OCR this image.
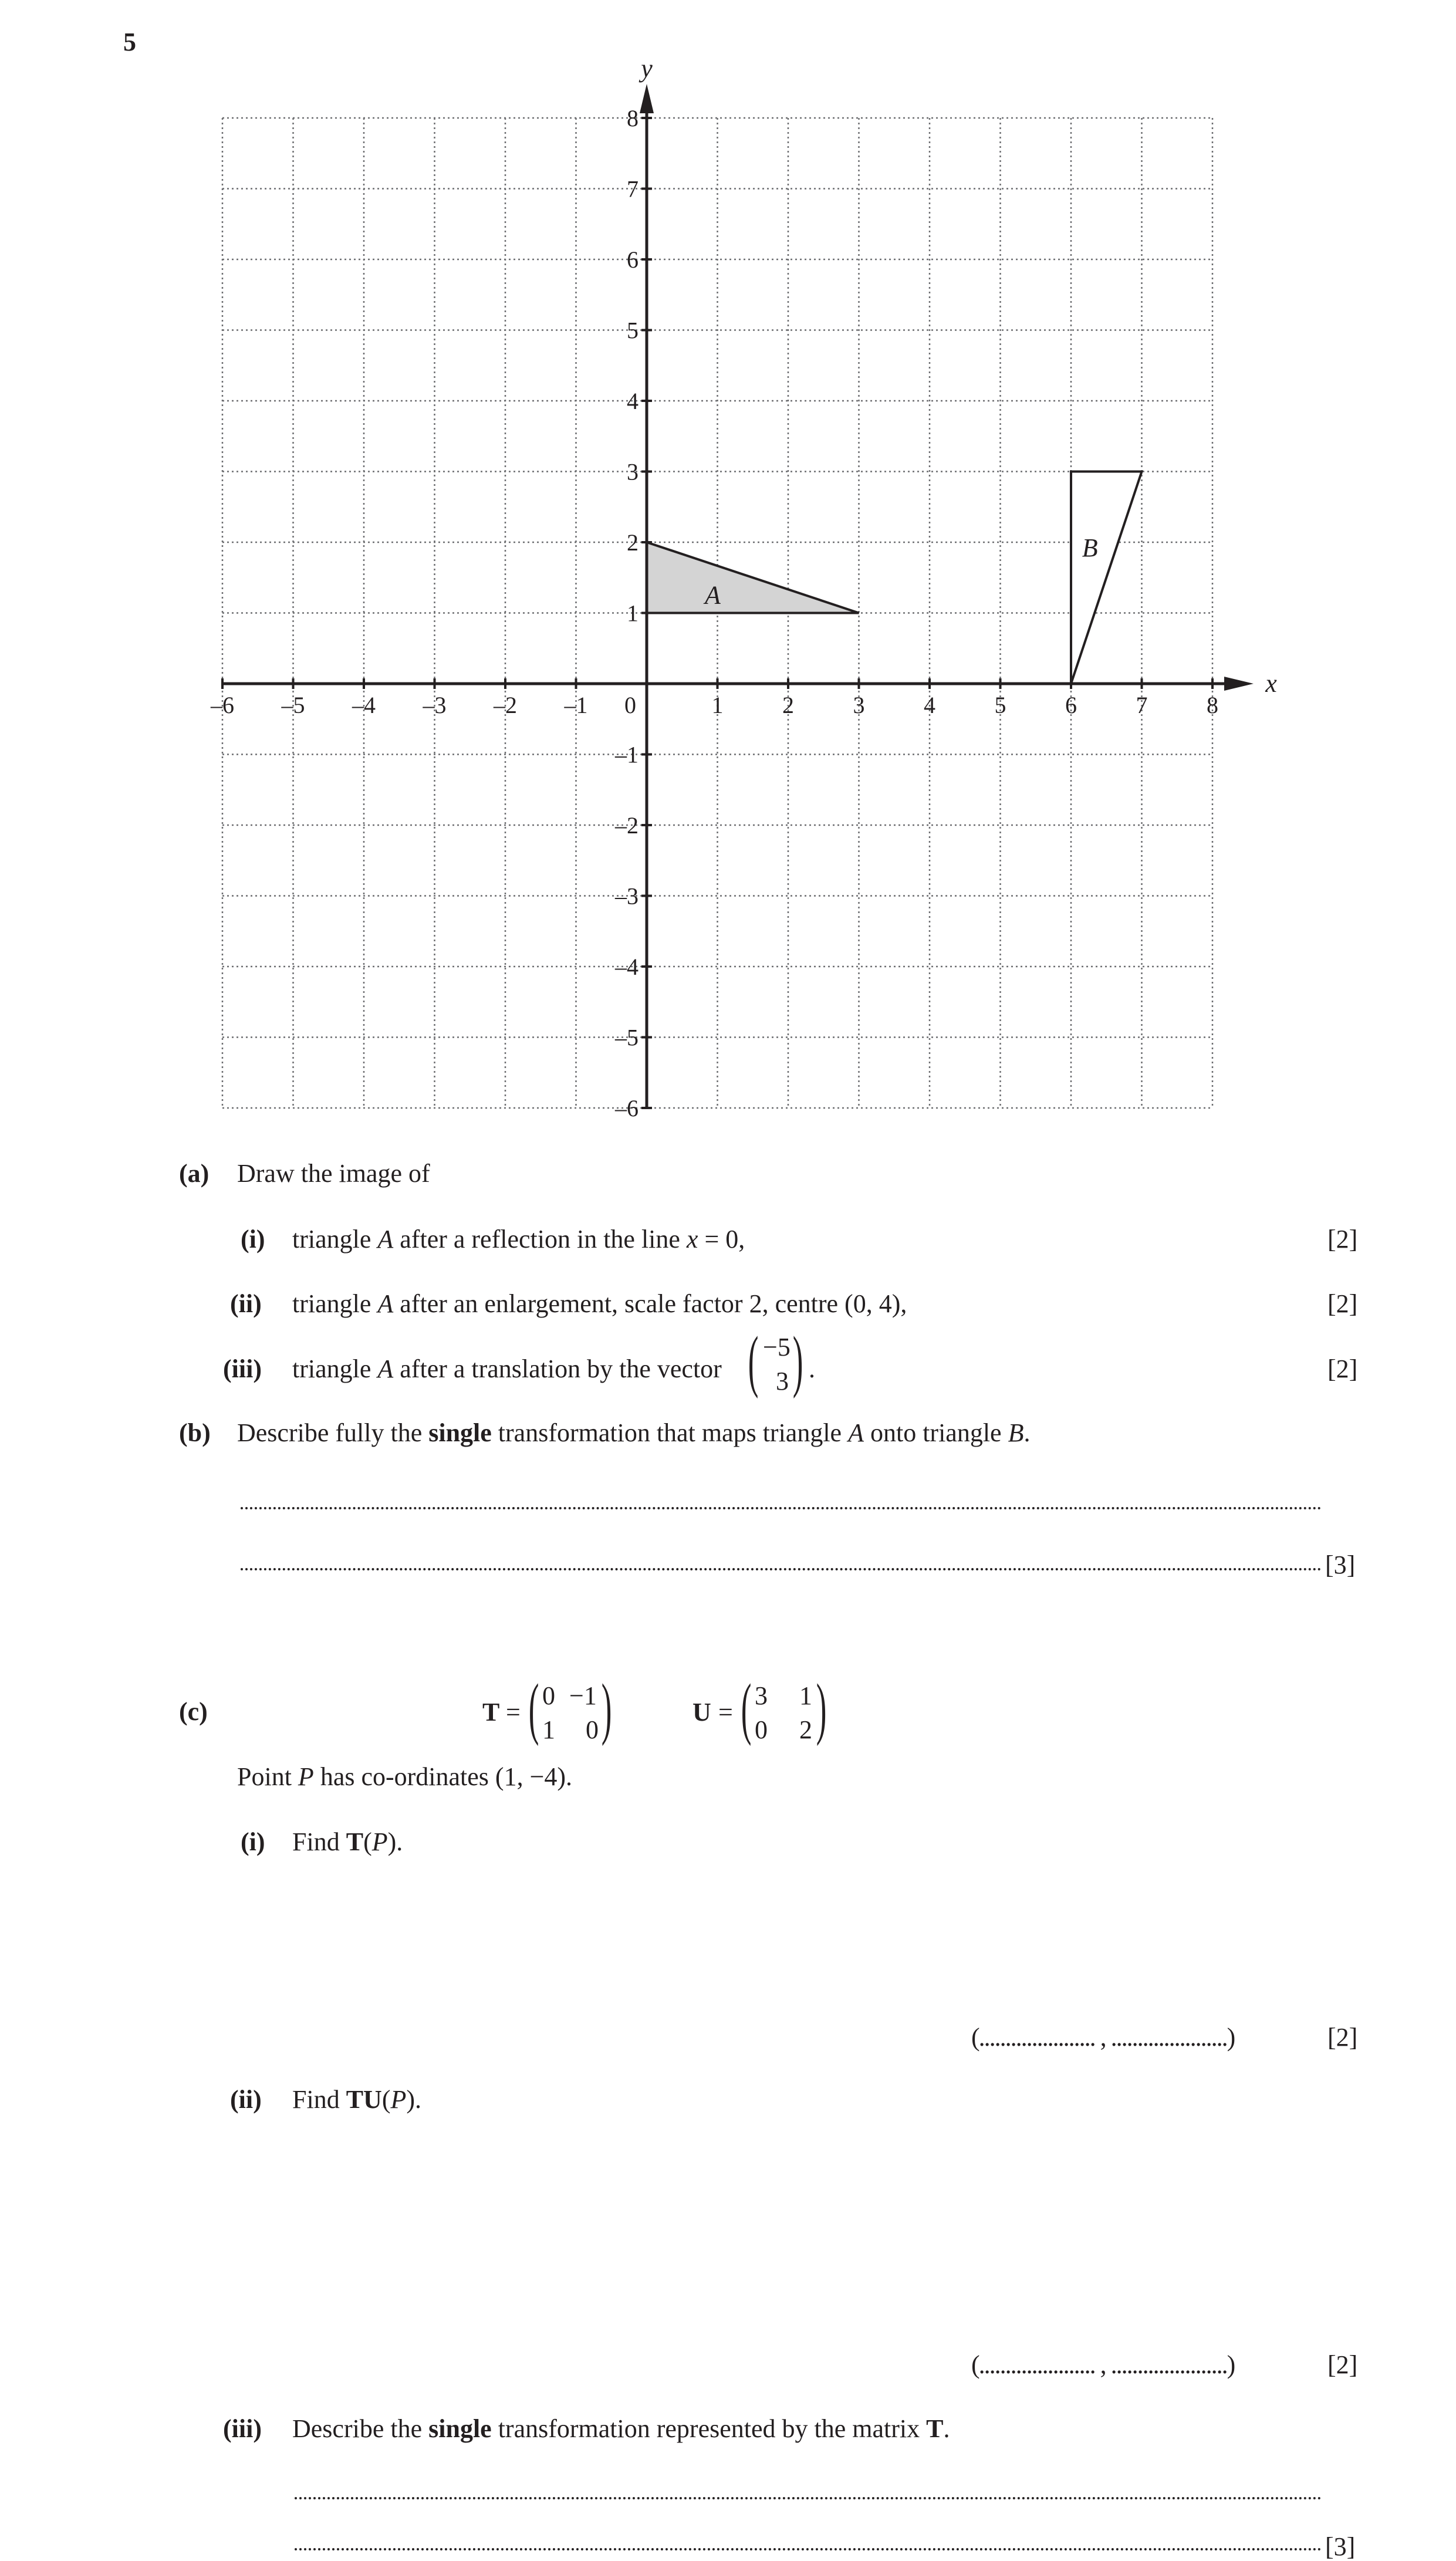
5
A
B
–6 –5 –4 –3 –2 –1	1	2	3	4	5	6	7	8
8
7
6
5
4
3
2
1
–1
–2
–3
–4
–5
–6
0
x
y
(a) Draw the image of
(i) triangle A after a reflection in the line x = 0,	[2]
(ii) triangle A after an enlargement, scale factor 2, centre (0, 4),	[2]
(iii) triangle A after a translation by the vector ( −5
3 ) .	[2]
(b) Describe fully the single transformation that maps triangle A onto triangle B.
[3]
(c)	T = ( 0 −1
1 0 )	U = ( 3 1
0 2 )
Point P has co-ordinates (1, −4).
(i) Find T(P).
(...................... , ......................)	[2]
(ii) Find TU(P).
(...................... , ......................)	[2]
(iii) Describe the single transformation represented by the matrix T.
[3]
